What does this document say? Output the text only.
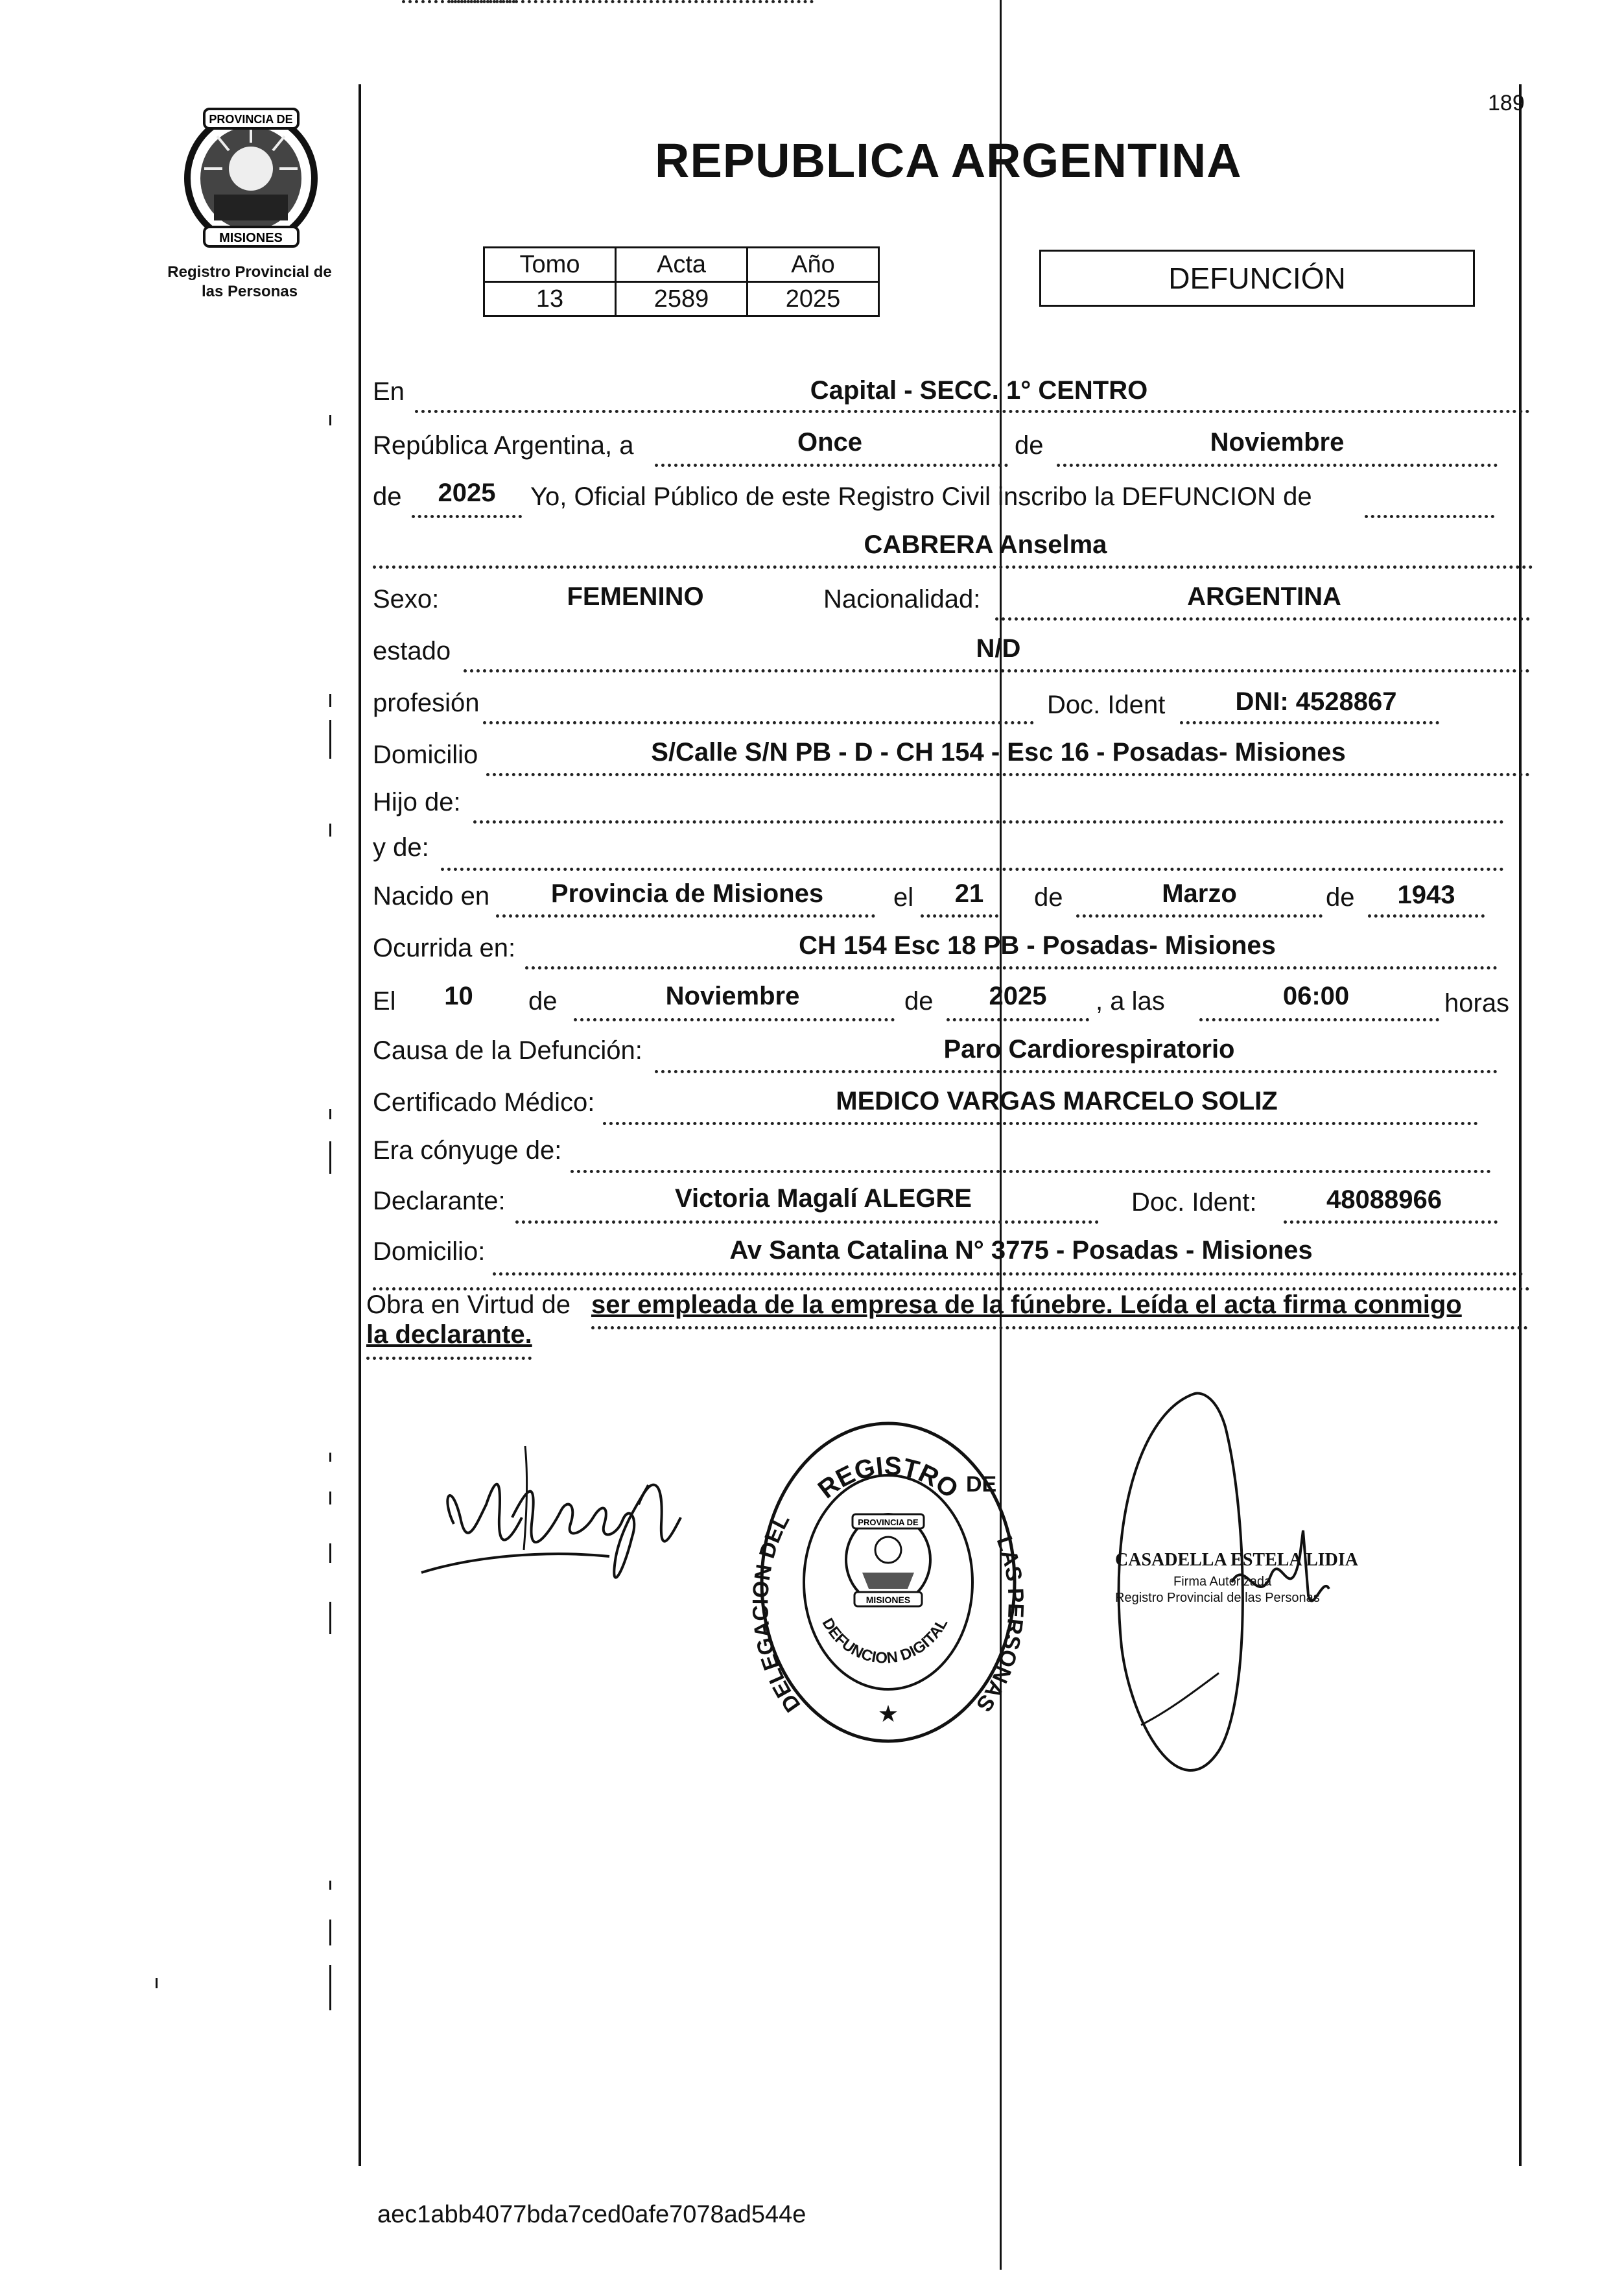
189
PROVINCIA DE
MISIONES
Registro Provincial de
las Personas
REPUBLICA ARGENTINA
Tomo	Acta	Año
13	2589	2025
DEFUNCIÓN
En	Capital - SECC. 1° CENTRO
República Argentina, a	Once	de	Noviembre
de	2025	Yo, Oficial Público de este Registro Civil inscribo la DEFUNCION de
CABRERA Anselma
Sexo:	FEMENINO	Nacionalidad:	ARGENTINA
estado	N/D
profesión	Doc. Ident	DNI: 4528867
Domicilio	S/Calle S/N PB - D - CH 154 - Esc 16 - Posadas- Misiones
Hijo de:
y de:
Nacido en	Provincia de Misiones	el	21	de	Marzo	de	1943
Ocurrida en:	CH 154 Esc 18 PB - Posadas- Misiones
El	10	de	Noviembre	de	2025	, a las	06:00	horas
Causa de la Defunción:	Paro Cardiorespiratorio
Certificado Médico:	MEDICO VARGAS MARCELO SOLIZ
Era cónyuge de:
Declarante:	Victoria Magalí ALEGRE	Doc. Ident:	48088966
Domicilio:	Av Santa Catalina N° 3775 - Posadas - Misiones
Obra en Virtud de ser empleada de la empresa de la fúnebre. Leída el acta firma conmigo
la declarante.
REGISTRO
DELEG N DEL
DE
LAS SONAS
DEFUNCION DIGITAL
PROVINCIA DE
MISIONES
★
CASADELLA ESTELA LIDIA
Firma Autorizada
Registro Provincial de las Personas
aec1abb4077bda7ced0afe7078ad544e
